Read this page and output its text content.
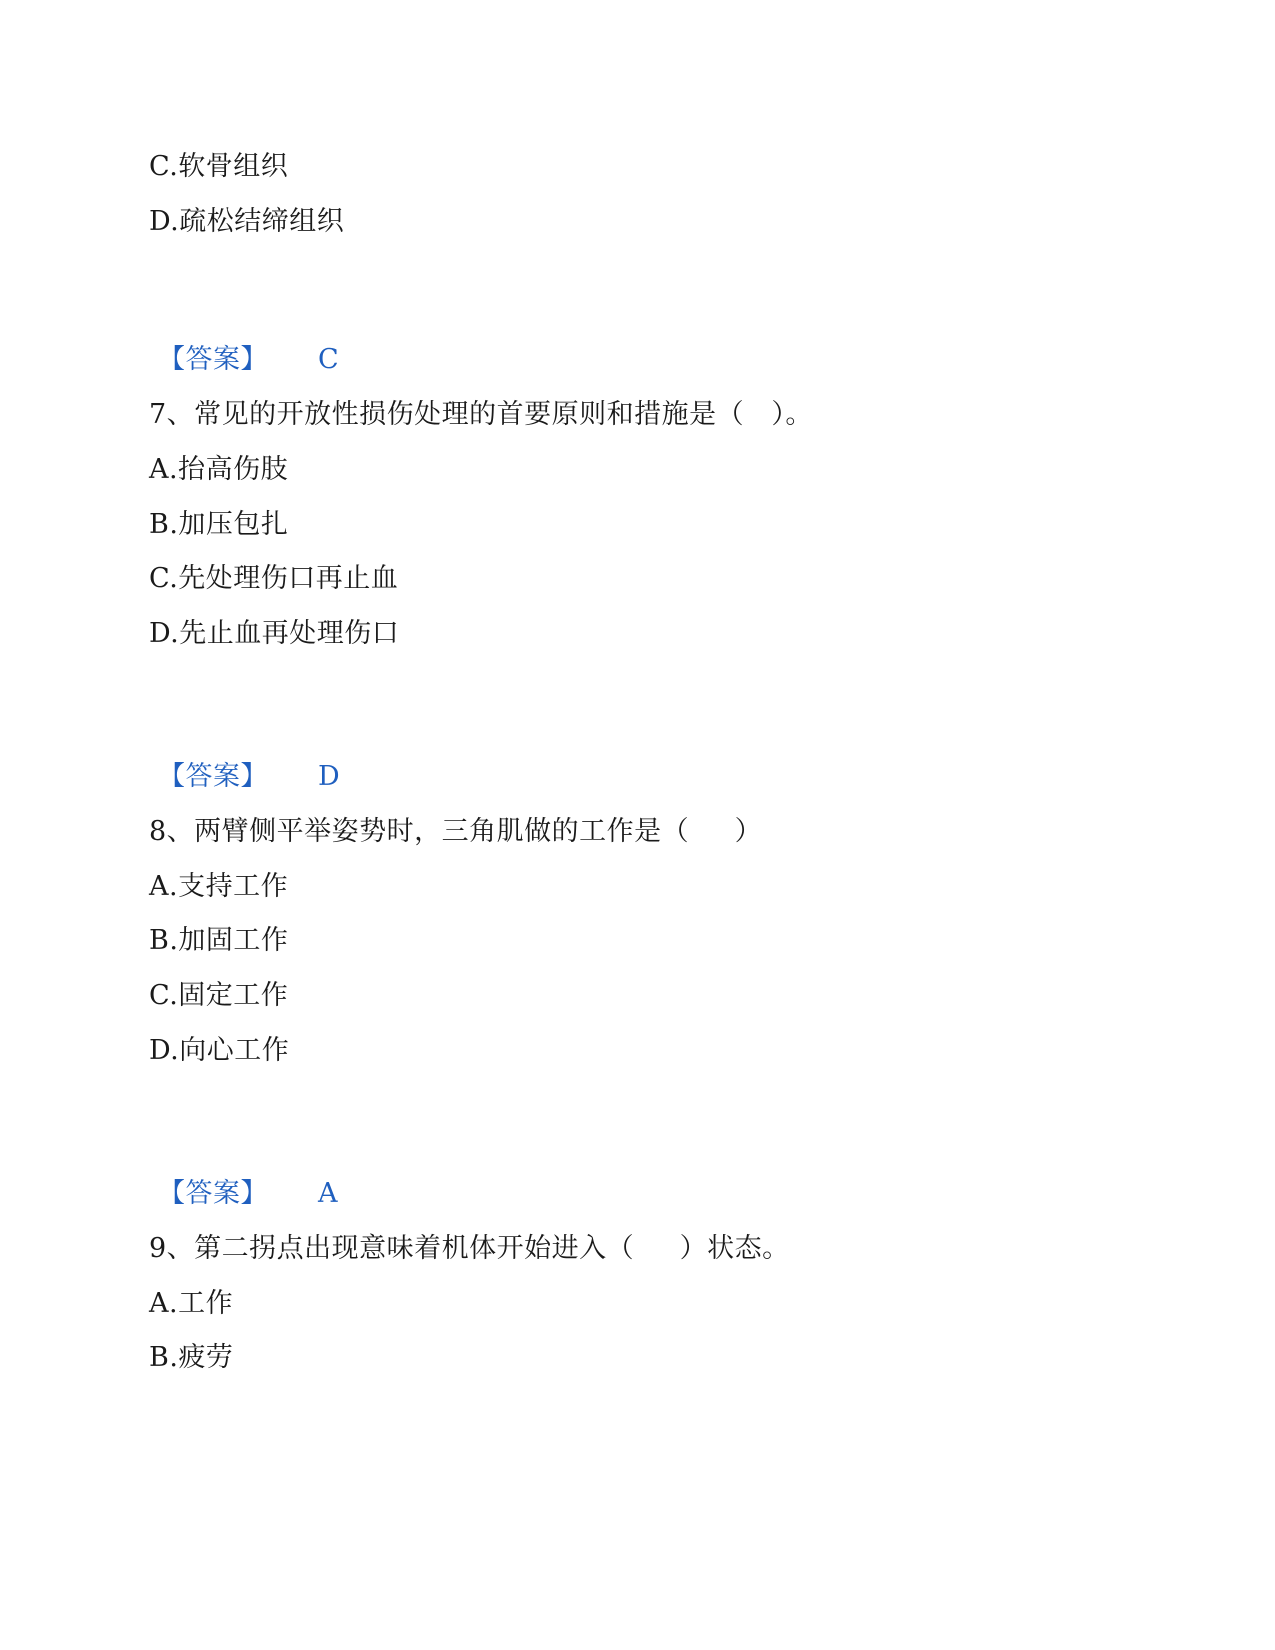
C.软骨组织
D.疏松结缔组织
【答案】 C
7、常见的开放性损伤处理的首要原则和措施是（   ）。
A.抬高伤肢
B.加压包扎
C.先处理伤口再止血
D.先止血再处理伤口
【答案】 D
8、两臂侧平举姿势时，三角肌做的工作是（     ）
A.支持工作
B.加固工作
C.固定工作
D.向心工作
【答案】 A
9、第二拐点出现意味着机体开始进入（     ）状态。
A.工作
B.疲劳
